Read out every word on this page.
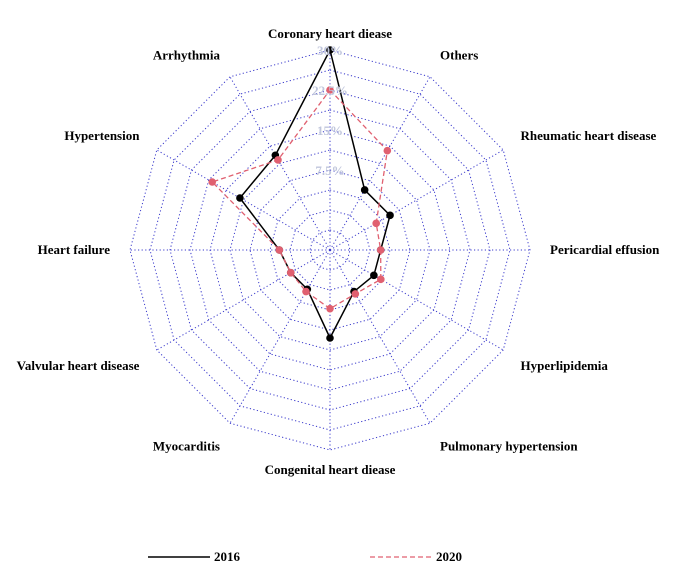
7.5%
15%
22.5%
30%
Coronary heart diease
Others
Rheumatic heart disease
Pericardial effusion
Hyperlipidemia
Pulmonary hypertension
Congenital heart diease
Myocarditis
Valvular heart disease
Heart failure
Hypertension
Arrhythmia
2016	2020
